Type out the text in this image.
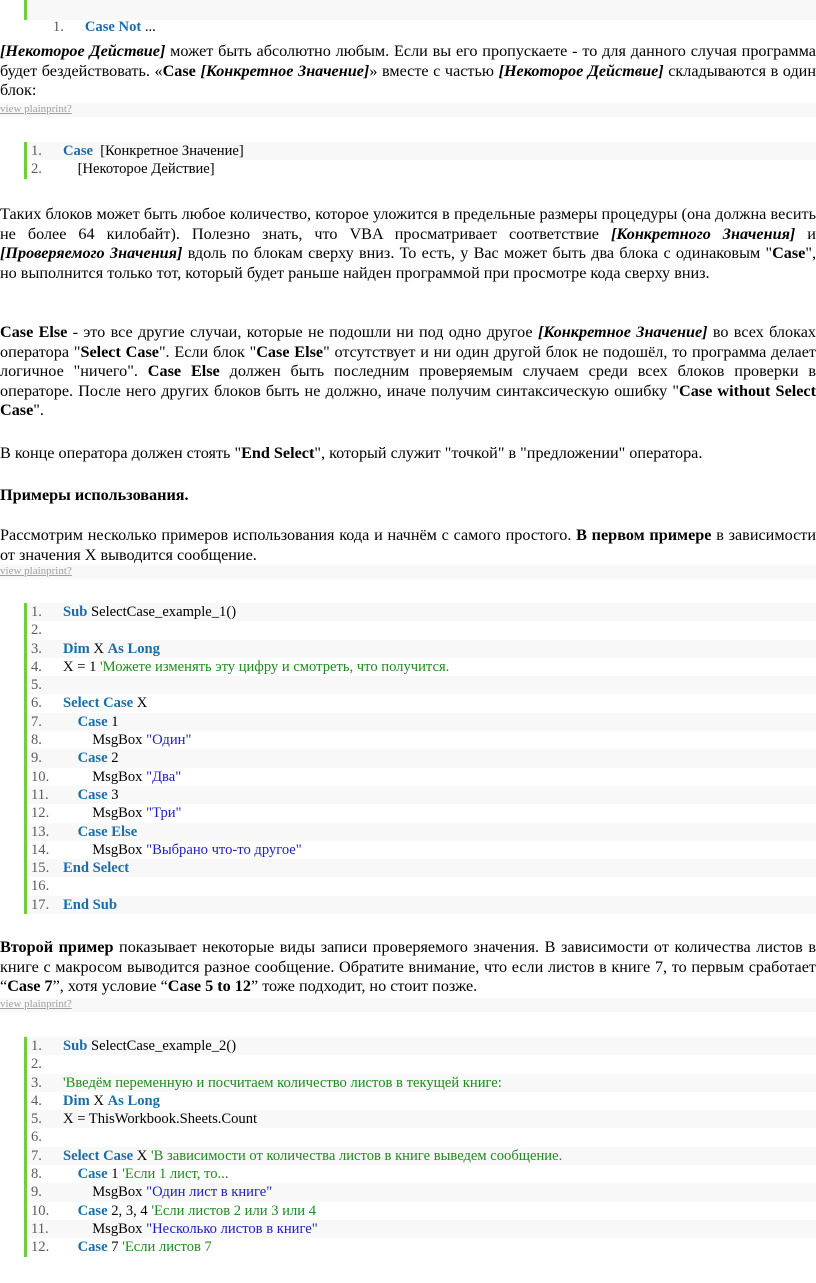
1. Case Not ...

[Некоторое Действие] может быть абсолютно любым. Если вы его пропускаете - то для данного случая программа будет бездействовать. «Case [Конкретное Значение]» вместе с частью [Некоторое Действие] складываются в один блок:
view plainprint?
1. Case  [Конкретное Значение]
2.    [Некоторое Действие]
Таких блоков может быть любое количество, которое уложится в предельные размеры процедуры (она должна весить не более 64 килобайт). Полезно знать, что VBA просматривает соответствие [Конкретного Значения] и [Проверяемого Значения] вдоль по блокам сверху вниз. То есть, у Вас может быть два блока с одинаковым "Case", но выполнится только тот, который будет раньше найден программой при просмотре кода сверху вниз.
Case Else - это все другие случаи, которые не подошли ни под одно другое [Конкретное Значение] во всех блоках оператора "Select Case". Если блок "Case Else" отсутствует и ни один другой блок не подошёл, то программа делает логичное "ничего". Case Else должен быть последним проверяемым случаем среди всех блоков проверки в операторе. После него других блоков быть не должно, иначе получим синтаксическую ошибку "Case without Select Case".
В конце оператора должен стоять "End Select", который служит "точкой" в "предложении" оператора.
Примеры использования.
Рассмотрим несколько примеров использования кода и начнём с самого простого. В первом примере в зависимости от значения X выводится сообщение.
view plainprint?
1. Sub SelectCase_example_1()
2.
3. Dim X As Long
4. X = 1 'Можете изменять эту цифру и смотреть, что получится.
5.
6. Select Case X
7. Case 1
8.        MsgBox "Один"
9. Case 2
10.        MsgBox "Два"
11. Case 3
12.        MsgBox "Три"
13. Case Else
14.        MsgBox "Выбрано что-то другое"
15. End Select
16.
17. End Sub
Второй пример показывает некоторые виды записи проверяемого значения. В зависимости от количества листов в книге с макросом выводится разное сообщение. Обратите внимание, что если листов в книге 7, то первым сработает “Case 7”, хотя условие “Case 5 to 12” тоже подходит, но стоит позже.
view plainprint?
1. Sub SelectCase_example_2()
2.
3. 'Введём переменную и посчитаем количество листов в текущей книге:
4. Dim X As Long
5. X = ThisWorkbook.Sheets.Count
6.
7. Select Case X 'В зависимости от количества листов в книге выведем сообщение.
8. Case 1 'Если 1 лист, то...
9.        MsgBox "Один лист в книге"
10. Case 2, 3, 4 'Если листов 2 или 3 или 4
11.        MsgBox "Несколько листов в книге"
12. Case 7 'Если листов 7
